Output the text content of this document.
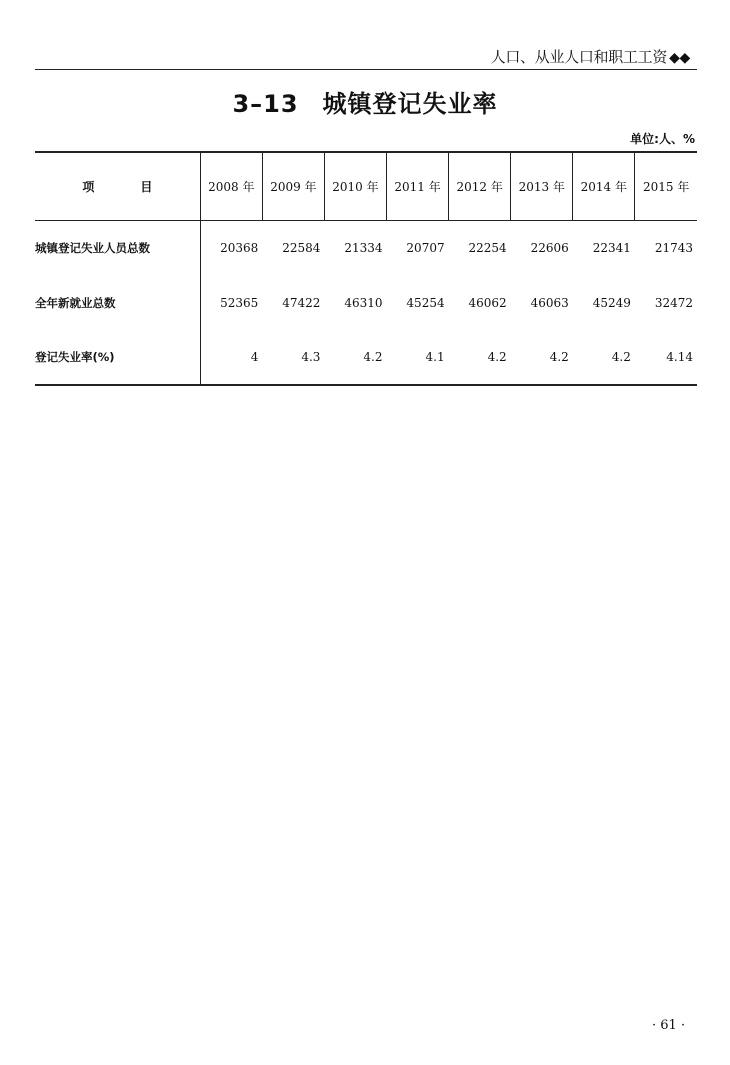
人口、从业人口和职工工资 ◆◆
3–13 城镇登记失业率
单位:人、%
项 目	2008 年	2009 年	2010 年	2011 年	2012 年	2013 年	2014 年	2015 年
城镇登记失业人员总数	20368	22584	21334	20707	22254	22606	22341	21743
全年新就业总数	52365	47422	46310	45254	46062	46063	45249	32472
登记失业率(%)	4	4.3	4.2	4.1	4.2	4.2	4.2	4.14
· 61 ·
